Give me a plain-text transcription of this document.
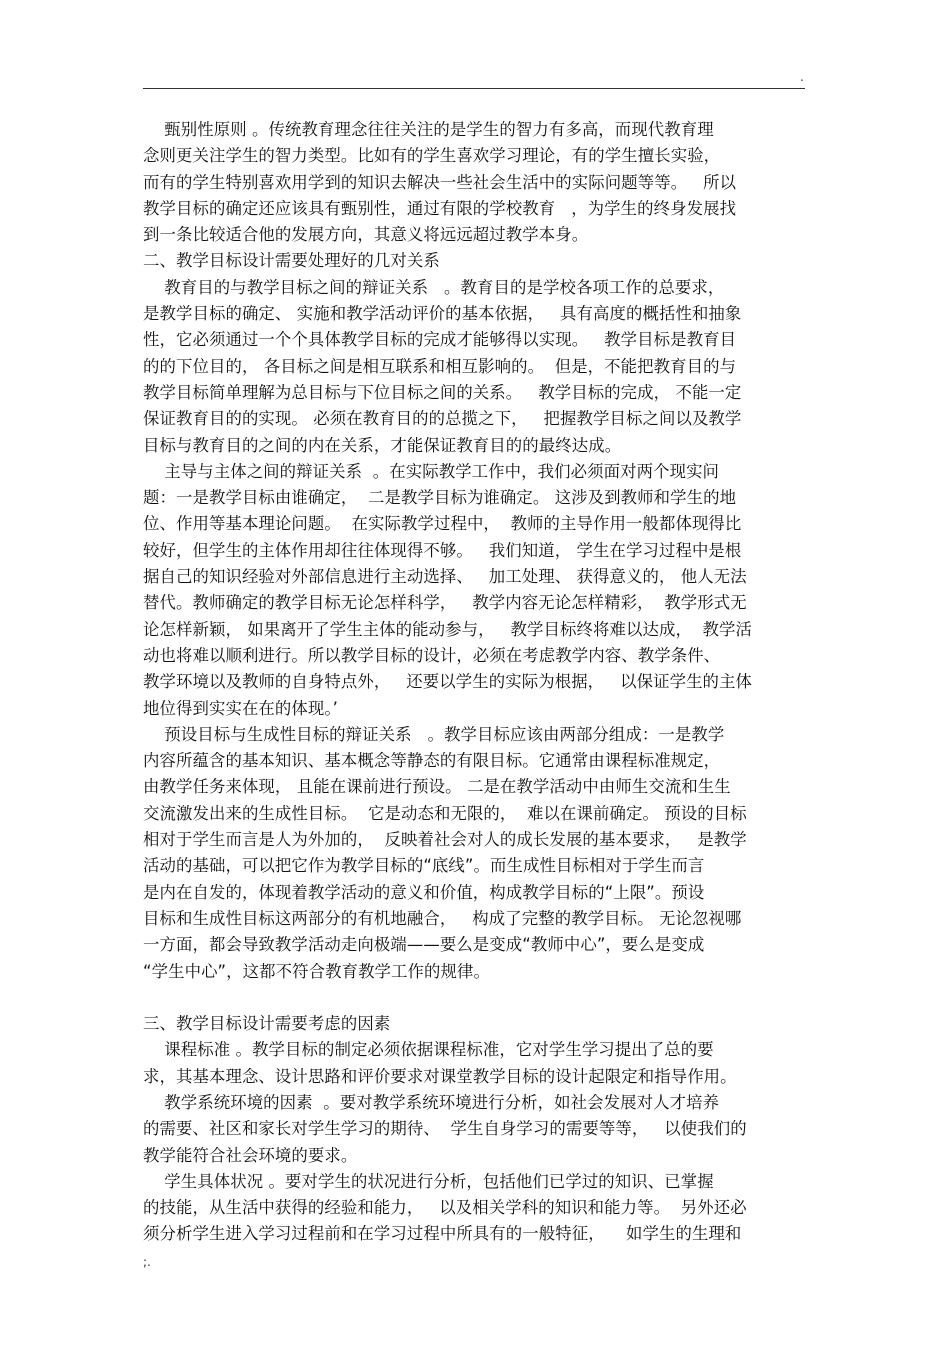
.
甄别性原则 。传统教育理念往往关注的是学生的智力有多高，而现代教育理
念则更关注学生的智力类型。比如有的学生喜欢学习理论，有的学生擅长实验，
而有的学生特别喜欢用学到的知识去解决一些社会生活中的实际问题等等。   所以
教学目标的确定还应该具有甄别性，通过有限的学校教育   ，为学生的终身发展找
到一条比较适合他的发展方向，其意义将远远超过教学本身。
二、教学目标设计需要处理好的几对关系
教育目的与教学目标之间的辩证关系   。教育目的是学校各项工作的总要求，
是教学目标的确定、 实施和教学活动评价的基本依据，   具有高度的概括性和抽象
性，它必须通过一个个具体教学目标的完成才能够得以实现。   教学目标是教育目
的的下位目的， 各目标之间是相互联系和相互影响的。  但是，不能把教育目的与
教学目标简单理解为总目标与下位目标之间的关系。   教学目标的完成， 不能一定
保证教育目的的实现。 必须在教育目的的总揽之下，   把握教学目标之间以及教学
目标与教育目的之间的内在关系，才能保证教育目的的最终达成。
主导与主体之间的辩证关系  。在实际教学工作中，我们必须面对两个现实问
题：一是教学目标由谁确定，  二是教学目标为谁确定。 这涉及到教师和学生的地
位、作用等基本理论问题。  在实际教学过程中，  教师的主导作用一般都体现得比
较好，但学生的主体作用却往往体现得不够。   我们知道， 学生在学习过程中是根
据自己的知识经验对外部信息进行主动选择、   加工处理、 获得意义的， 他人无法
替代。教师确定的教学目标无论怎样科学，   教学内容无论怎样精彩，  教学形式无
论怎样新颖， 如果离开了学生主体的能动参与，   教学目标终将难以达成，  教学活
动也将难以顺利进行。所以教学目标的设计，必须在考虑教学内容、教学条件、
教学环境以及教师的自身特点外，   还要以学生的实际为根据，   以保证学生的主体
地位得到实实在在的体现。’
预设目标与生成性目标的辩证关系   。教学目标应该由两部分组成：一是教学
内容所蕴含的基本知识、基本概念等静态的有限目标。它通常由课程标准规定，
由教学任务来体现， 且能在课前进行预设。 二是在教学活动中由师生交流和生生
交流激发出来的生成性目标。  它是动态和无限的，  难以在课前确定。 预设的目标
相对于学生而言是人为外加的，  反映着社会对人的成长发展的基本要求，   是教学
活动的基础，可以把它作为教学目标的“底线”。而生成性目标相对于学生而言
是内在自发的，体现着教学活动的意义和价值，构成教学目标的“上限”。预设
目标和生成性目标这两部分的有机地融合，   构成了完整的教学目标。 无论忽视哪
一方面，都会导致教学活动走向极端——要么是变成“教师中心”，要么是变成
“学生中心”，这都不符合教育教学工作的规律。
三、教学目标设计需要考虑的因素
课程标准 。教学目标的制定必须依据课程标准，它对学生学习提出了总的要
求，其基本理念、设计思路和评价要求对课堂教学目标的设计起限定和指导作用。
教学系统环境的因素  。要对教学系统环境进行分析，如社会发展对人才培养
的需要、社区和家长对学生学习的期待、  学生自身学习的需要等等，   以使我们的
教学能符合社会环境的要求。
学生具体状况 。要对学生的状况进行分析，包括他们已学过的知识、已掌握
的技能，从生活中获得的经验和能力，   以及相关学科的知识和能力等。  另外还必
须分析学生进入学习过程前和在学习过程中所具有的一般特征，    如学生的生理和
;.
